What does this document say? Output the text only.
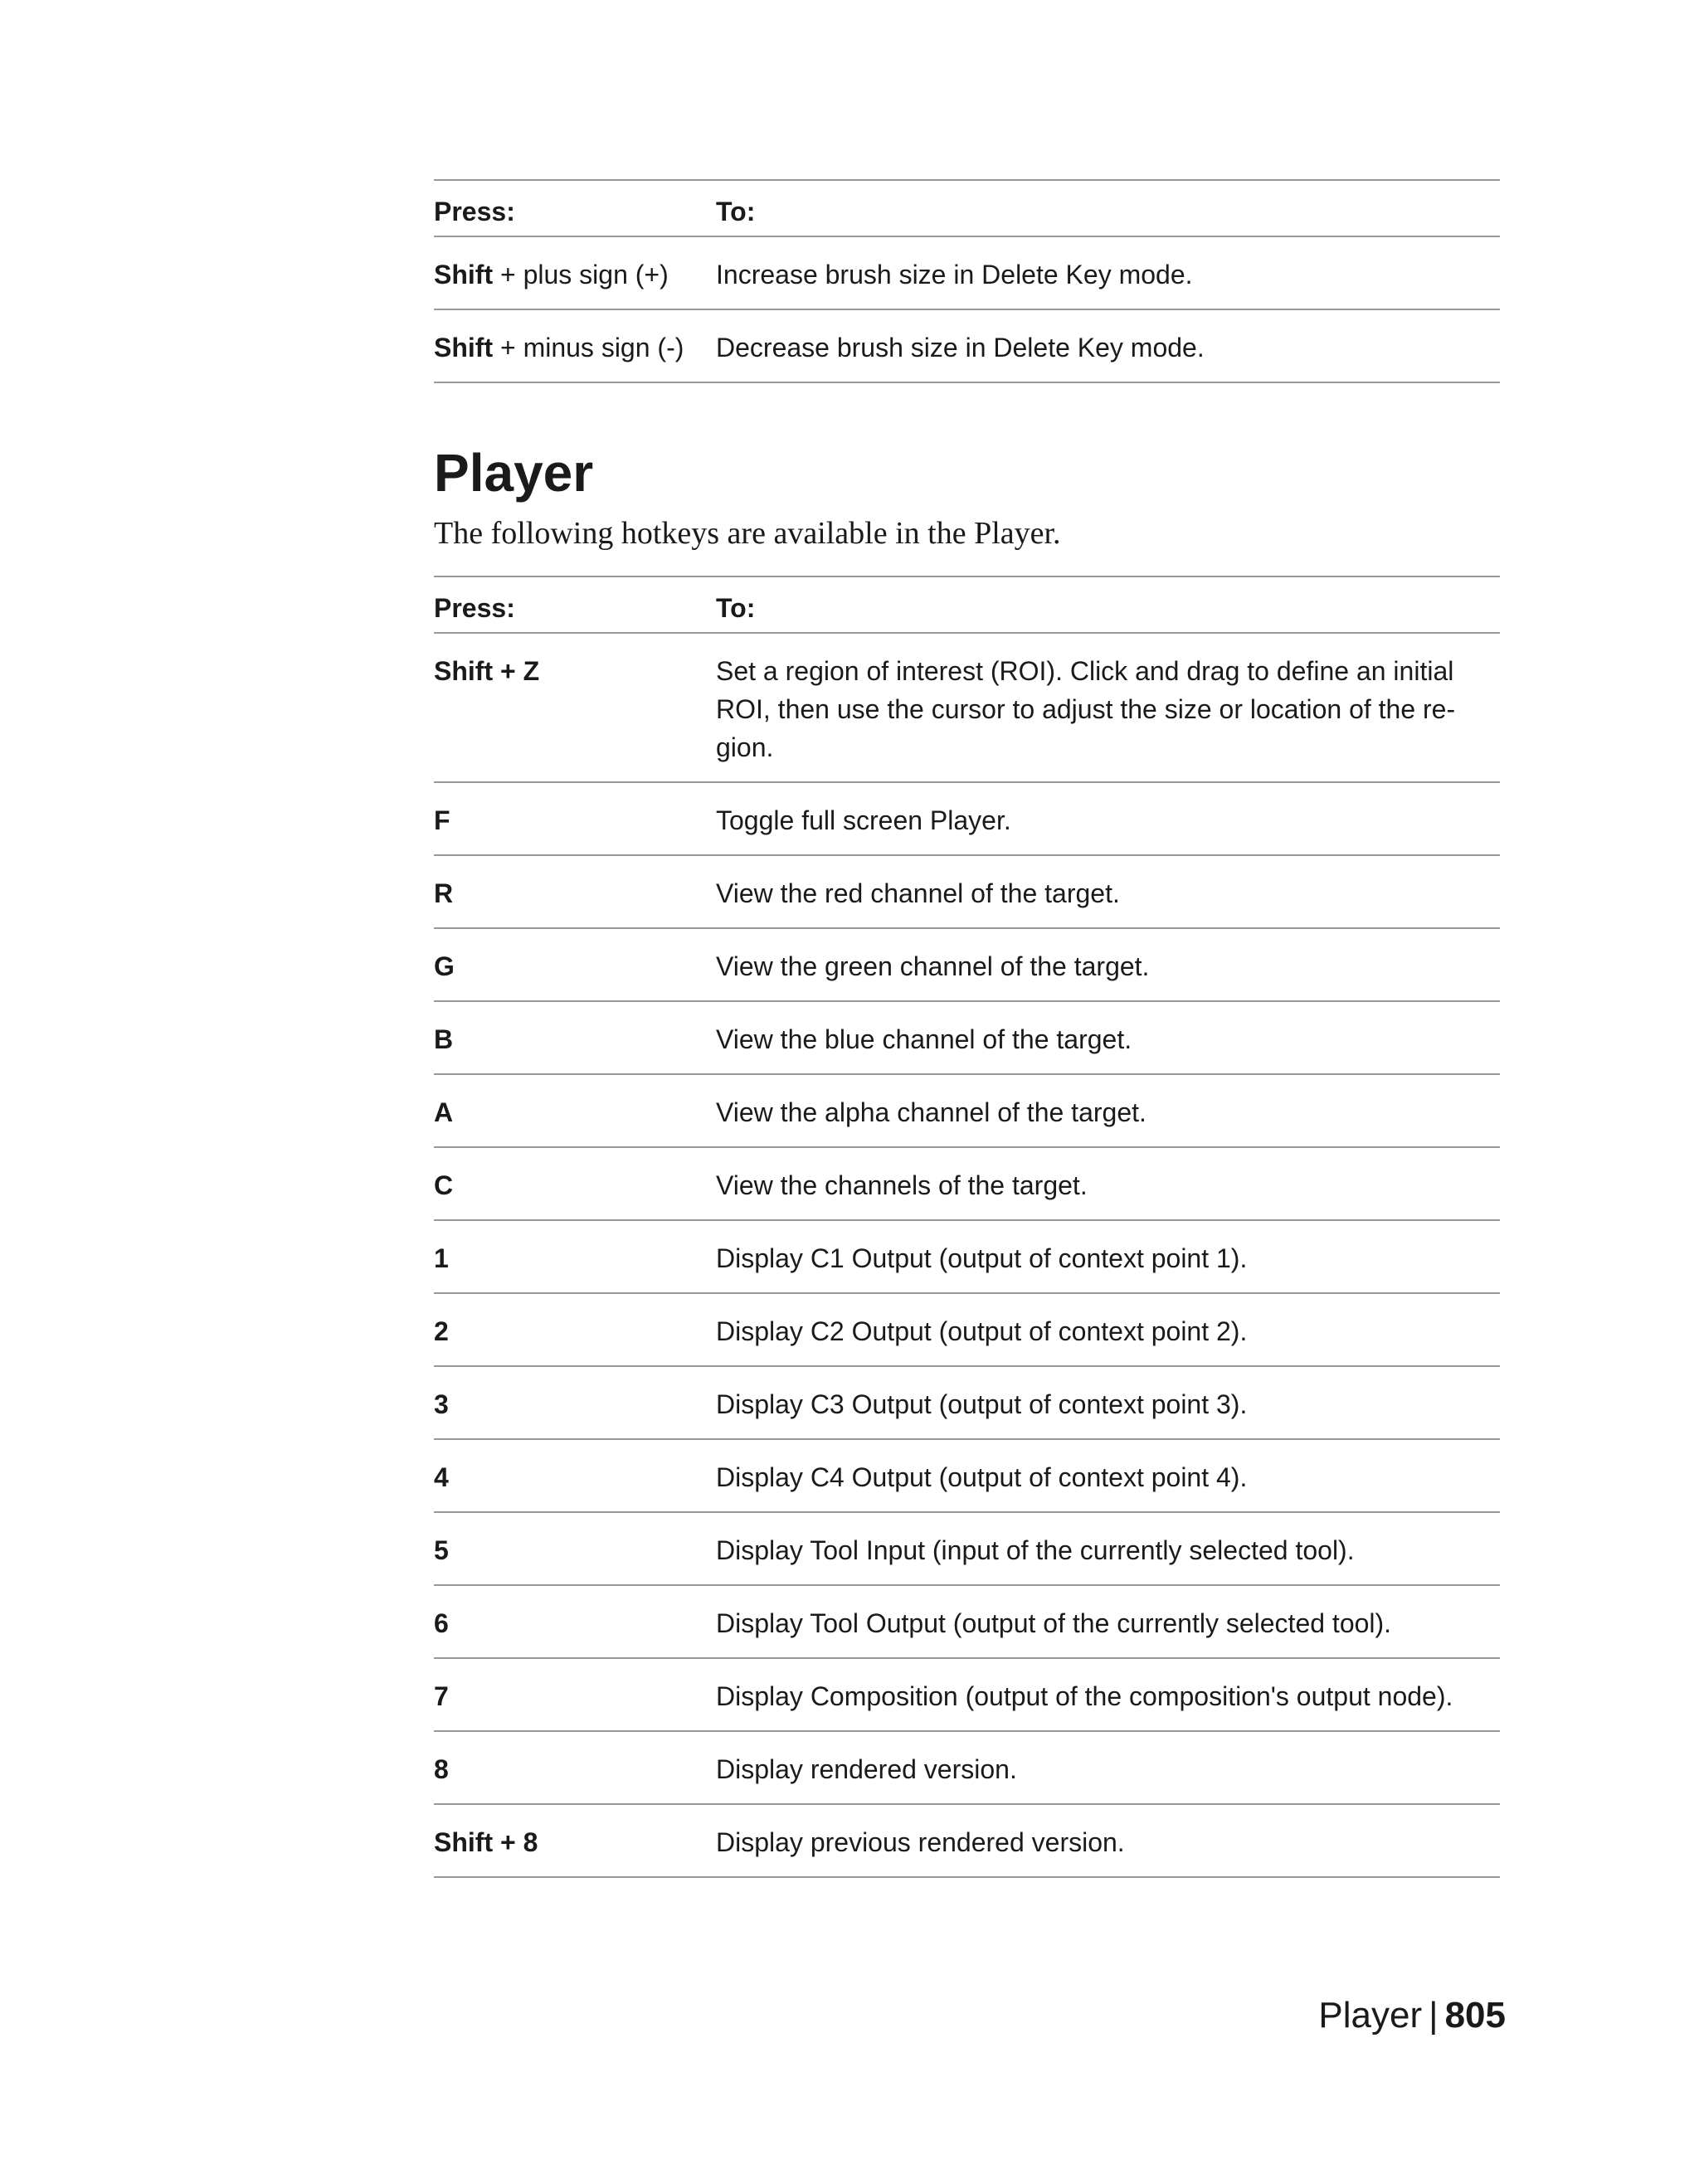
Press:	To:
Shift + plus sign (+)	Increase brush size in Delete Key mode.
Shift + minus sign (-)	Decrease brush size in Delete Key mode.
Player

The following hotkeys are available in the Player.

Press:	To:
Shift + Z	Set a region of interest (ROI). Click and drag to define an initial ROI, then use the cursor to adjust the size or location of the re- gion.
F	Toggle full screen Player.
R	View the red channel of the target.
G	View the green channel of the target.
B	View the blue channel of the target.
A	View the alpha channel of the target.
C	View the channels of the target.
1	Display C1 Output (output of context point 1).
2	Display C2 Output (output of context point 2).
3	Display C3 Output (output of context point 3).
4	Display C4 Output (output of context point 4).
5	Display Tool Input (input of the currently selected tool).
6	Display Tool Output (output of the currently selected tool).
7	Display Composition (output of the composition's output node).
8	Display rendered version.
Shift + 8	Display previous rendered version.
Player | 805
